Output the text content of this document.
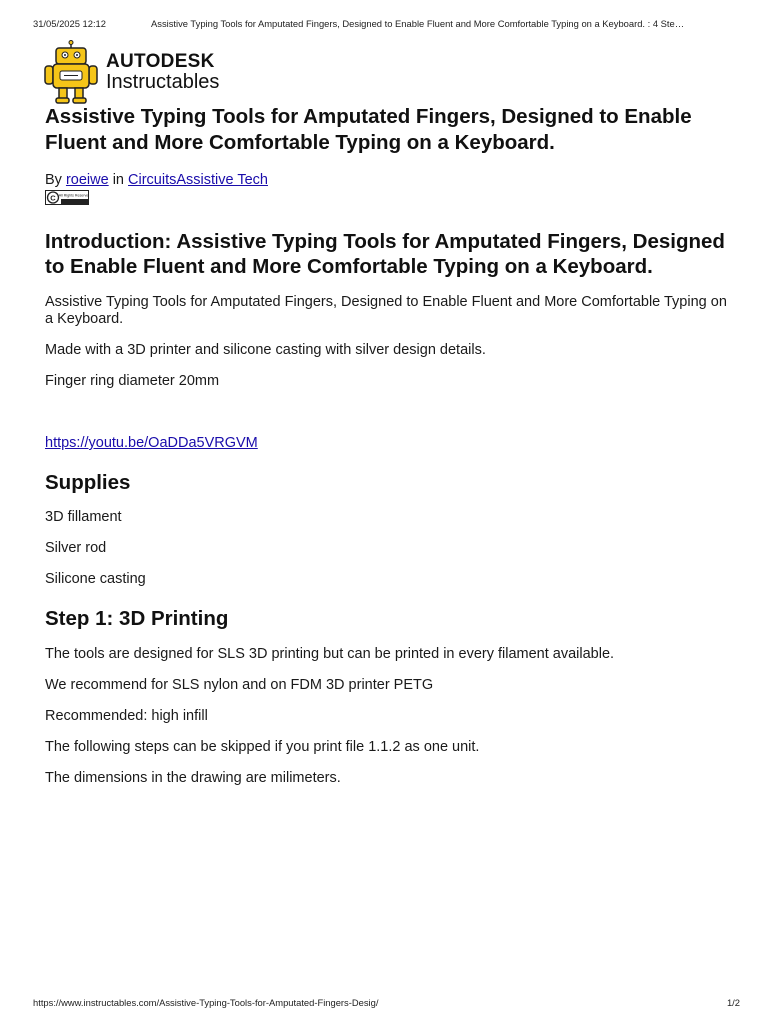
31/05/2025 12:12	Assistive Typing Tools for Amputated Fingers, Designed to Enable Fluent and More Comfortable Typing on a Keyboard. : 4 Ste…
AUTODESK
Instructables
Assistive Typing Tools for Amputated Fingers, Designed to Enable Fluent and More Comfortable Typing on a Keyboard.
By roeiwe in CircuitsAssistive Tech
C All Rights Reserved
Introduction: Assistive Typing Tools for Amputated Fingers, Designed to Enable Fluent and More Comfortable Typing on a Keyboard.

Assistive Typing Tools for Amputated Fingers, Designed to Enable Fluent and More Comfortable Typing on a Keyboard.

Made with a 3D printer and silicone casting with silver design details.

Finger ring diameter 20mm

https://youtu.be/OaDDa5VRGVM

Supplies

3D fillament

Silver rod

Silicone casting

Step 1: 3D Printing

The tools are designed for SLS 3D printing but can be printed in every filament available.

We recommend for SLS nylon and on FDM 3D printer PETG

Recommended: high infill

The following steps can be skipped if you print file 1.1.2 as one unit.

The dimensions in the drawing are milimeters.

https://www.instructables.com/Assistive-Typing-Tools-for-Amputated-Fingers-Desig/	1/2
